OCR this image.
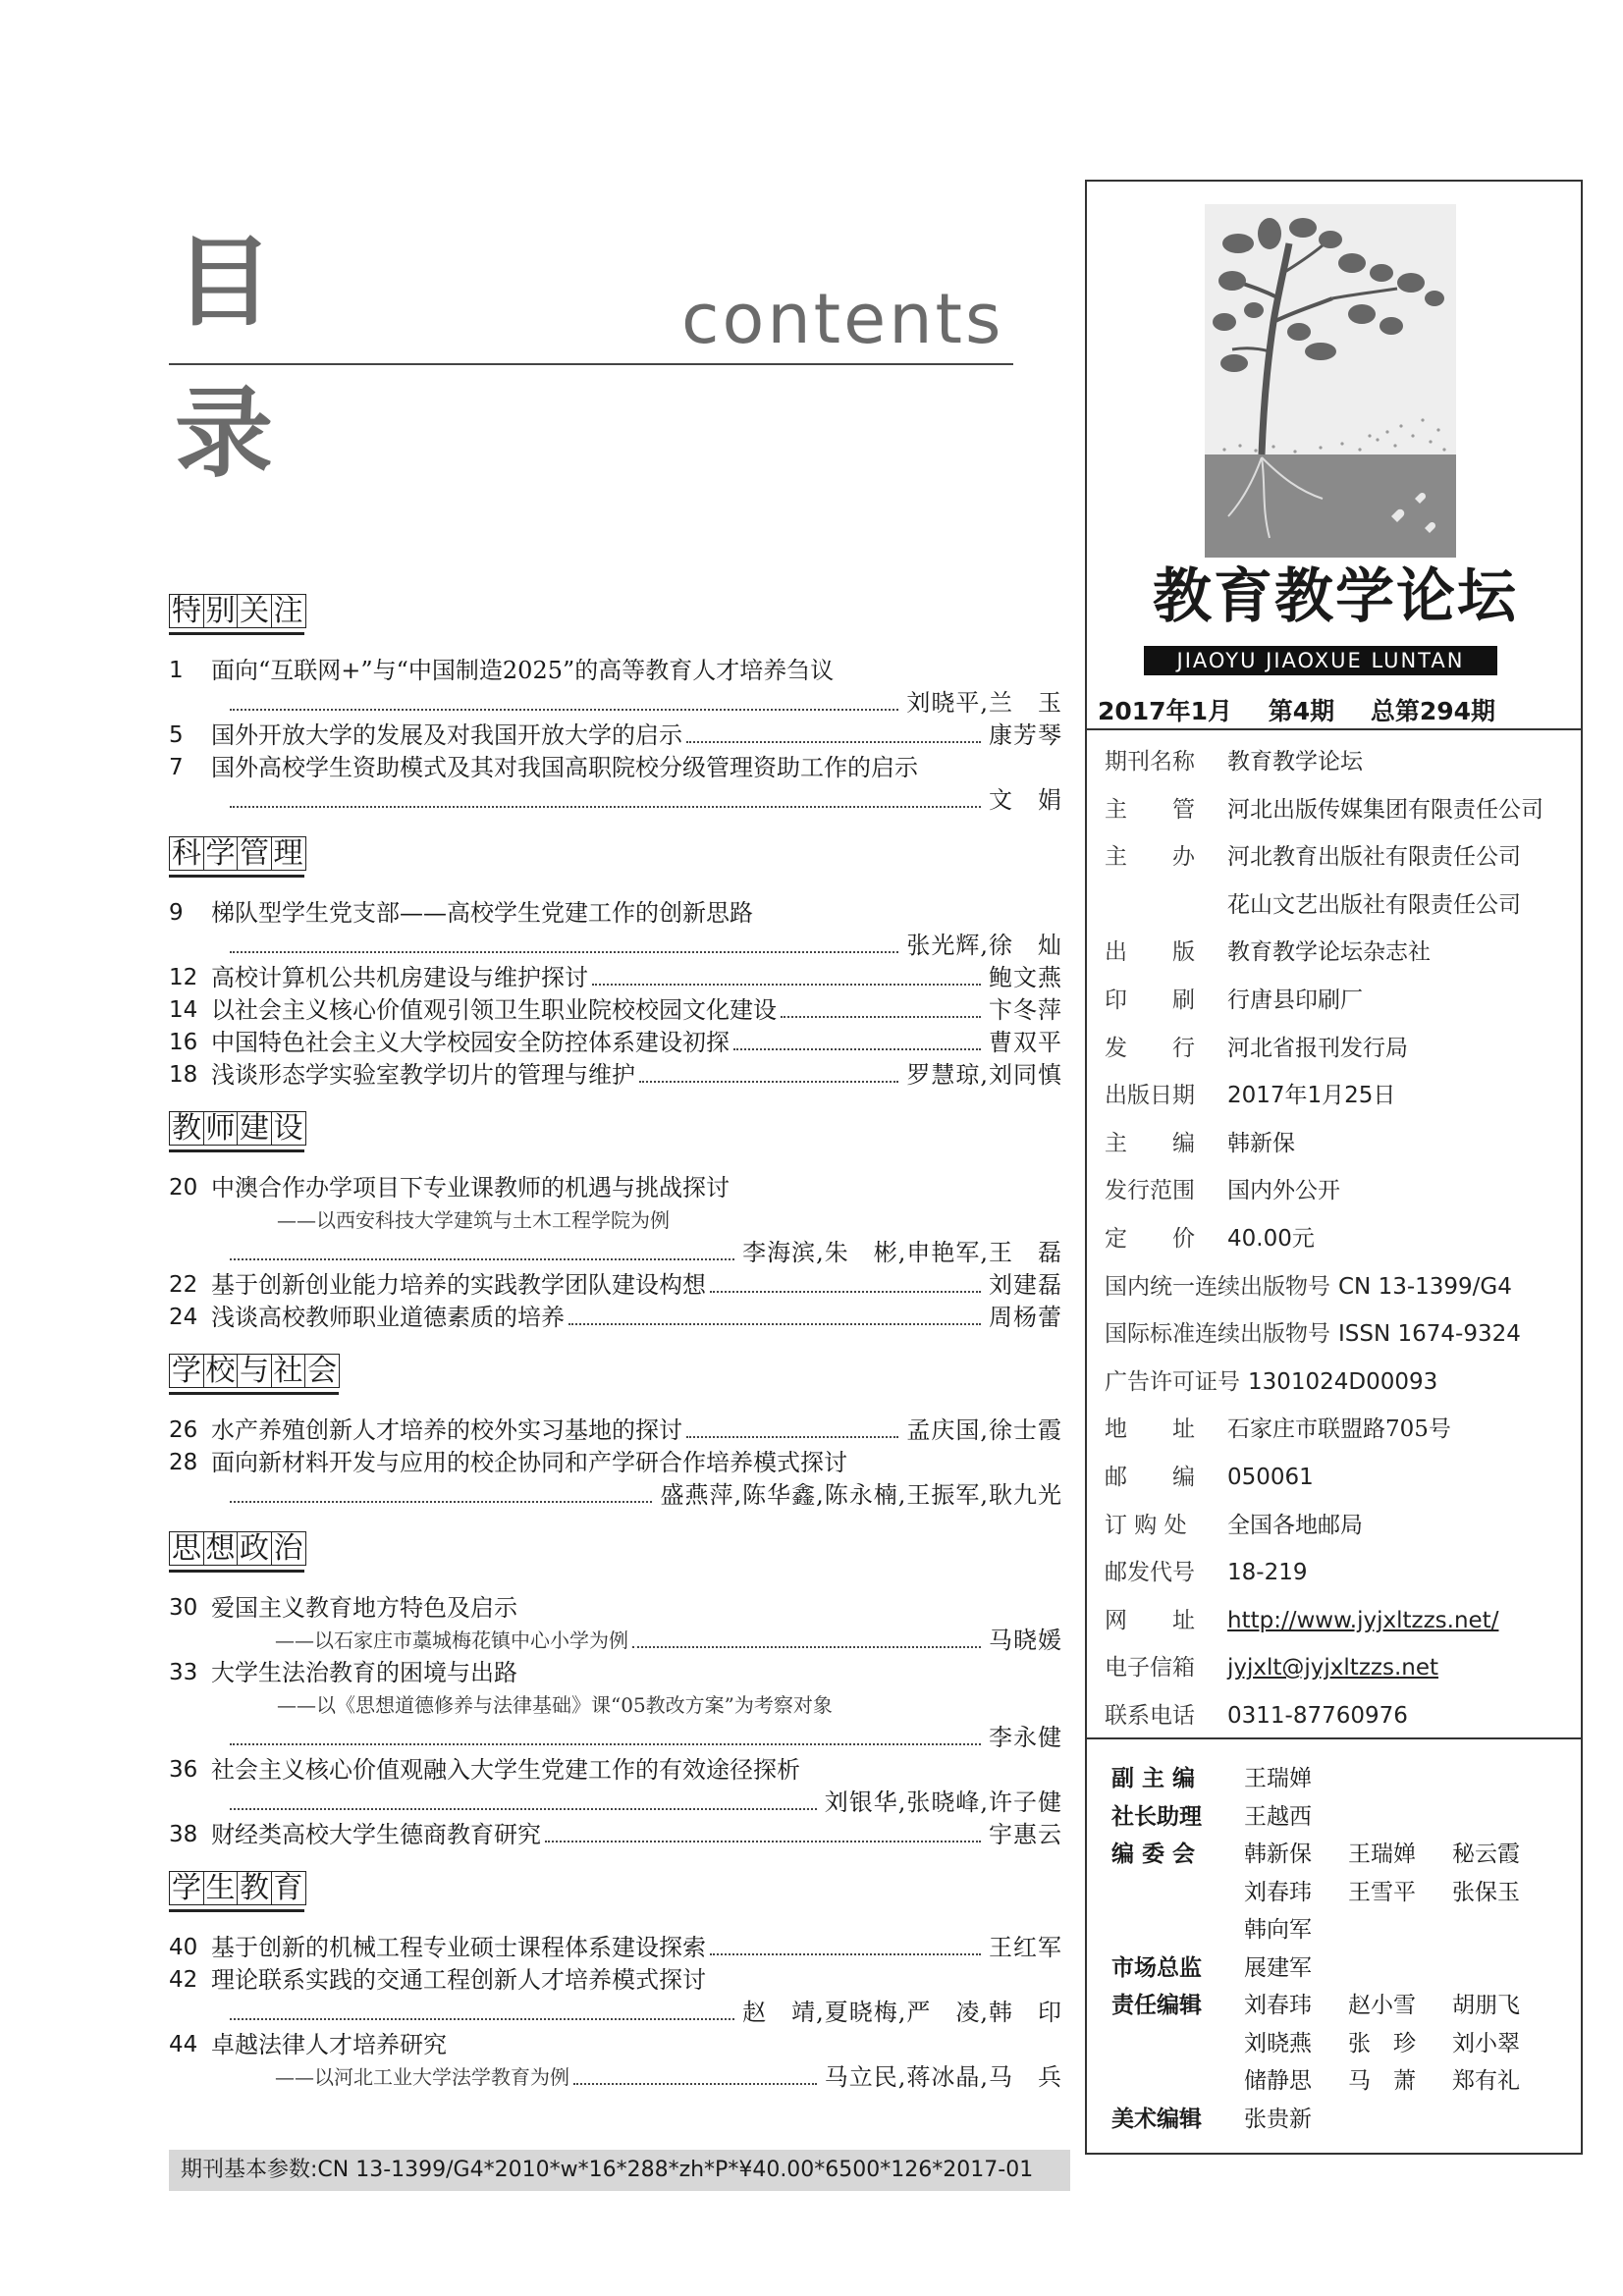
目
录
contents
特 别 关 注
1	面向“互联网+”与“中国制造2025”的高等教育人才培养刍议
刘晓平,兰　玉
5	国外开放大学的发展及对我国开放大学的启示	康芳琴
7	国外高校学生资助模式及其对我国高职院校分级管理资助工作的启示
文　娟
科 学 管 理
9	梯队型学生党支部——高校学生党建工作的创新思路
张光辉,徐　灿
12 高校计算机公共机房建设与维护探讨	鲍文燕
14 以社会主义核心价值观引领卫生职业院校校园文化建设	卞冬萍
16 中国特色社会主义大学校园安全防控体系建设初探	曹双平
18 浅谈形态学实验室教学切片的管理与维护	罗慧琼,刘同慎
教 师 建 设
20 中澳合作办学项目下专业课教师的机遇与挑战探讨
——以西安科技大学建筑与土木工程学院为例
李海滨,朱　彬,申艳军,王　磊
22 基于创新创业能力培养的实践教学团队建设构想	刘建磊
24 浅谈高校教师职业道德素质的培养	周杨蕾
学 校 与 社 会
26 水产养殖创新人才培养的校外实习基地的探讨	孟庆国,徐士霞
28 面向新材料开发与应用的校企协同和产学研合作培养模式探讨
盛燕萍,陈华鑫,陈永楠,王振军,耿九光
思 想 政 治
30 爱国主义教育地方特色及启示
——以石家庄市藁城梅花镇中心小学为例	马晓媛
33 大学生法治教育的困境与出路
——以《思想道德修养与法律基础》课“05教改方案”为考察对象
李永健
36 社会主义核心价值观融入大学生党建工作的有效途径探析
刘银华,张晓峰,许子健
38 财经类高校大学生德商教育研究	宇惠云
学 生 教 育
40 基于创新的机械工程专业硕士课程体系建设探索	王红军
42 理论联系实践的交通工程创新人才培养模式探讨
赵　靖,夏晓梅,严　凌,韩　印
44 卓越法律人才培养研究
——以河北工业大学法学教育为例	马立民,蒋冰晶,马　兵
期刊基本参数:CN 13-1399/G4*2010*w*16*288*zh*P*¥40.00*6500*126*2017-01
教育教学论坛
JIAOYU JIAOXUE LUNTAN
2017年1月 第4期 总第294期
期刊名称	教育教学论坛
主　　管	河北出版传媒集团有限责任公司
主　　办	河北教育出版社有限责任公司
花山文艺出版社有限责任公司
出　　版	教育教学论坛杂志社
印　　刷	行唐县印刷厂
发　　行	河北省报刊发行局
出版日期	2017年1月25日
主　　编	韩新保
发行范围	国内外公开
定　　价	40.00元
国内统一连续出版物号 CN 13-1399/G4
国际标准连续出版物号 ISSN 1674-9324
广告许可证号 1301024D00093
地　　址	石家庄市联盟路705号
邮　　编	050061
订 购 处	全国各地邮局
邮发代号	18-219
网　　址	http://www.jyjxltzzs.net/
电子信箱	jyjxlt@jyjxltzzs.net
联系电话	0311-87760976
副 主 编	王瑞婵
社长助理	王越西
编 委 会	韩新保	王瑞婵	秘云霞
刘春玮	王雪平	张保玉
韩向军
市场总监	展建军
责任编辑	刘春玮	赵小雪	胡朋飞
刘晓燕	张　珍	刘小翠
储静思	马　萧	郑有礼
美术编辑	张贵新
